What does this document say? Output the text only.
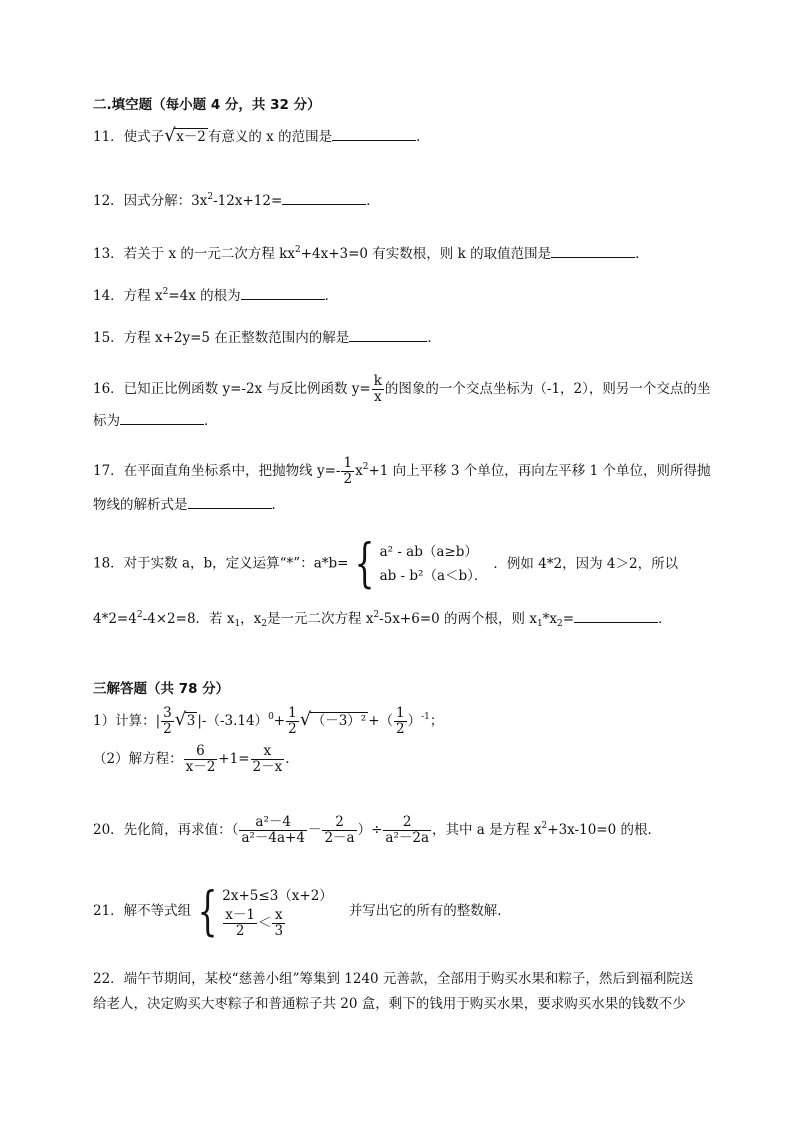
二.填空题（每小题 4 分，共 32 分）
11．使式子 √ x－2 有意义的 x 的范围是	．
12．因式分解：$3x^2-12x+12=$	．
13．若关于 x 的一元二次方程 $kx^2+4x+3=0$ 有实数根，则 k 的取值范围是	．
14．方程 $x^2=4x$ 的根为	．
15．方程 x+2y=5 在正整数范围内的解是	．
16．已知正比例函数 y=-2x 与反比例函数 $y= \frac{k}{x}$ 的图象的一个交点坐标为（-1，2），则另一个交点的坐
标为	．
17．在平面直角坐标系中，把抛物线 $y=- \frac{1}{2} x^2+1$ 向上平移 3 个单位，再向左平移 1 个单位，则所得抛
物线的解析式是	．
18．对于实数 a，b，定义运算“*”：a*b= { a² - ab（a≥b）
ab - b²（a＜b）．
．例如 4*2，因为 4＞2，所以
$4*2=4^2-4\times 2=8$．若 $x_1$，$x_2$是一元二次方程 $x^2-5x+6=0$ 的两个根，则 $x_1*x_2=$	．
三解答题（共 78 分）
1）计算：| $\frac{3}{2}$ √ 3 $|-(-3.14)^0+ \frac{1}{2}$ √ （－3）² +（ $\frac{1}{2} )^{-1}$；
（2）解方程： $\frac{6}{x-2} +1= \frac{x}{2-x}$ .
20．先化简，再求值：（ $\frac{\text{a²－4}}{\text{a²－4a+4}} - \frac{2}{2-a}$ ）÷ $\frac{2}{\text{a²－2a}}$ ，其中 a 是方程 $x^2+3x-10=0$ 的根．
21．解不等式组 { 2x+5≤3（x+2）
$\frac{x-1}{2} < \frac{x}{3}$	并写出它的所有的整数解．
22．端午节期间，某校“慈善小组”筹集到 1240 元善款，全部用于购买水果和粽子，然后到福利院送
给老人，决定购买大枣粽子和普通粽子共 20 盒，剩下的钱用于购买水果，要求购买水果的钱数不少
